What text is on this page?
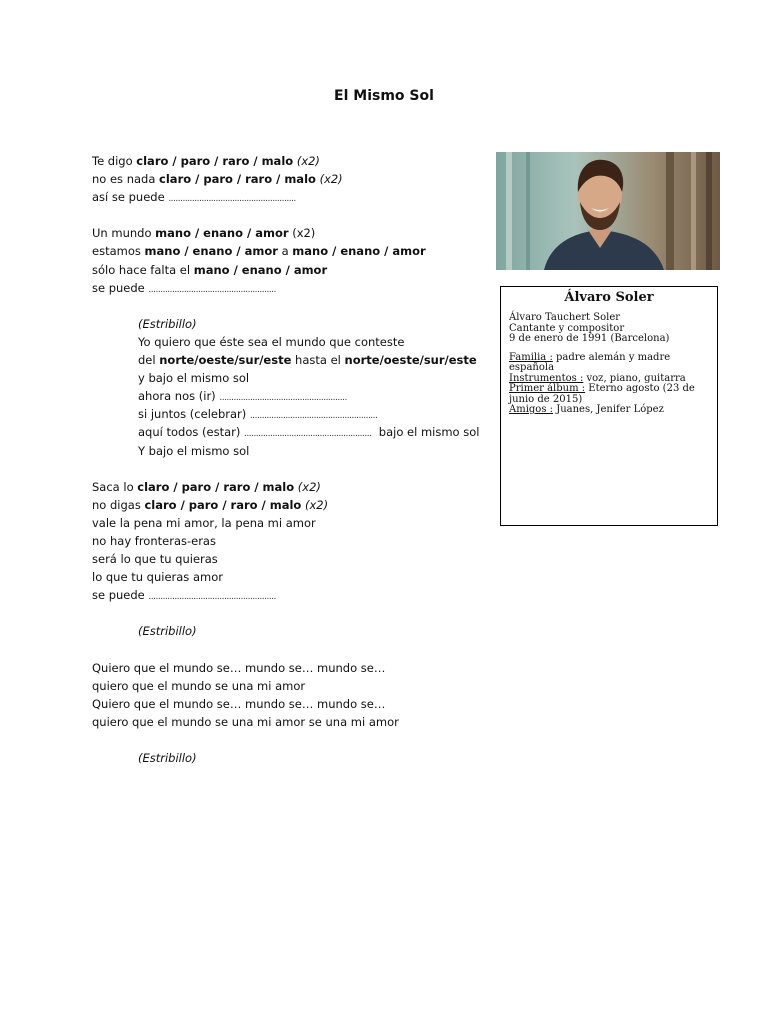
El Mismo Sol
Te digo claro / paro / raro / malo (x2)
no es nada claro / paro / raro / malo (x2)
así se puede ......................................................
Un mundo mano / enano / amor (x2)
estamos mano / enano / amor a mano / enano / amor
sólo hace falta el mano / enano / amor
se puede ......................................................
(Estribillo)
Yo quiero que éste sea el mundo que conteste
del norte/oeste/sur/este hasta el norte/oeste/sur/este
y bajo el mismo sol
ahora nos (ir) ......................................................
si juntos (celebrar) ......................................................
aquí todos (estar) ......................................................  bajo el mismo sol
Y bajo el mismo sol
Saca lo claro / paro / raro / malo (x2)
no digas claro / paro / raro / malo (x2)
vale la pena mi amor, la pena mi amor
no hay fronteras-eras
será lo que tu quieras
lo que tu quieras amor
se puede ......................................................
(Estribillo)
Quiero que el mundo se… mundo se… mundo se…
quiero que el mundo se una mi amor
Quiero que el mundo se… mundo se… mundo se…
quiero que el mundo se una mi amor se una mi amor
(Estribillo)
Álvaro Soler
Álvaro Tauchert Soler
Cantante y compositor
9 de enero de 1991 (Barcelona)
Familia : padre alemán y madre española
Instrumentos : voz, piano, guitarra
Primer álbum : Eterno agosto (23 de junio de 2015)
Amigos : Juanes, Jenifer López
